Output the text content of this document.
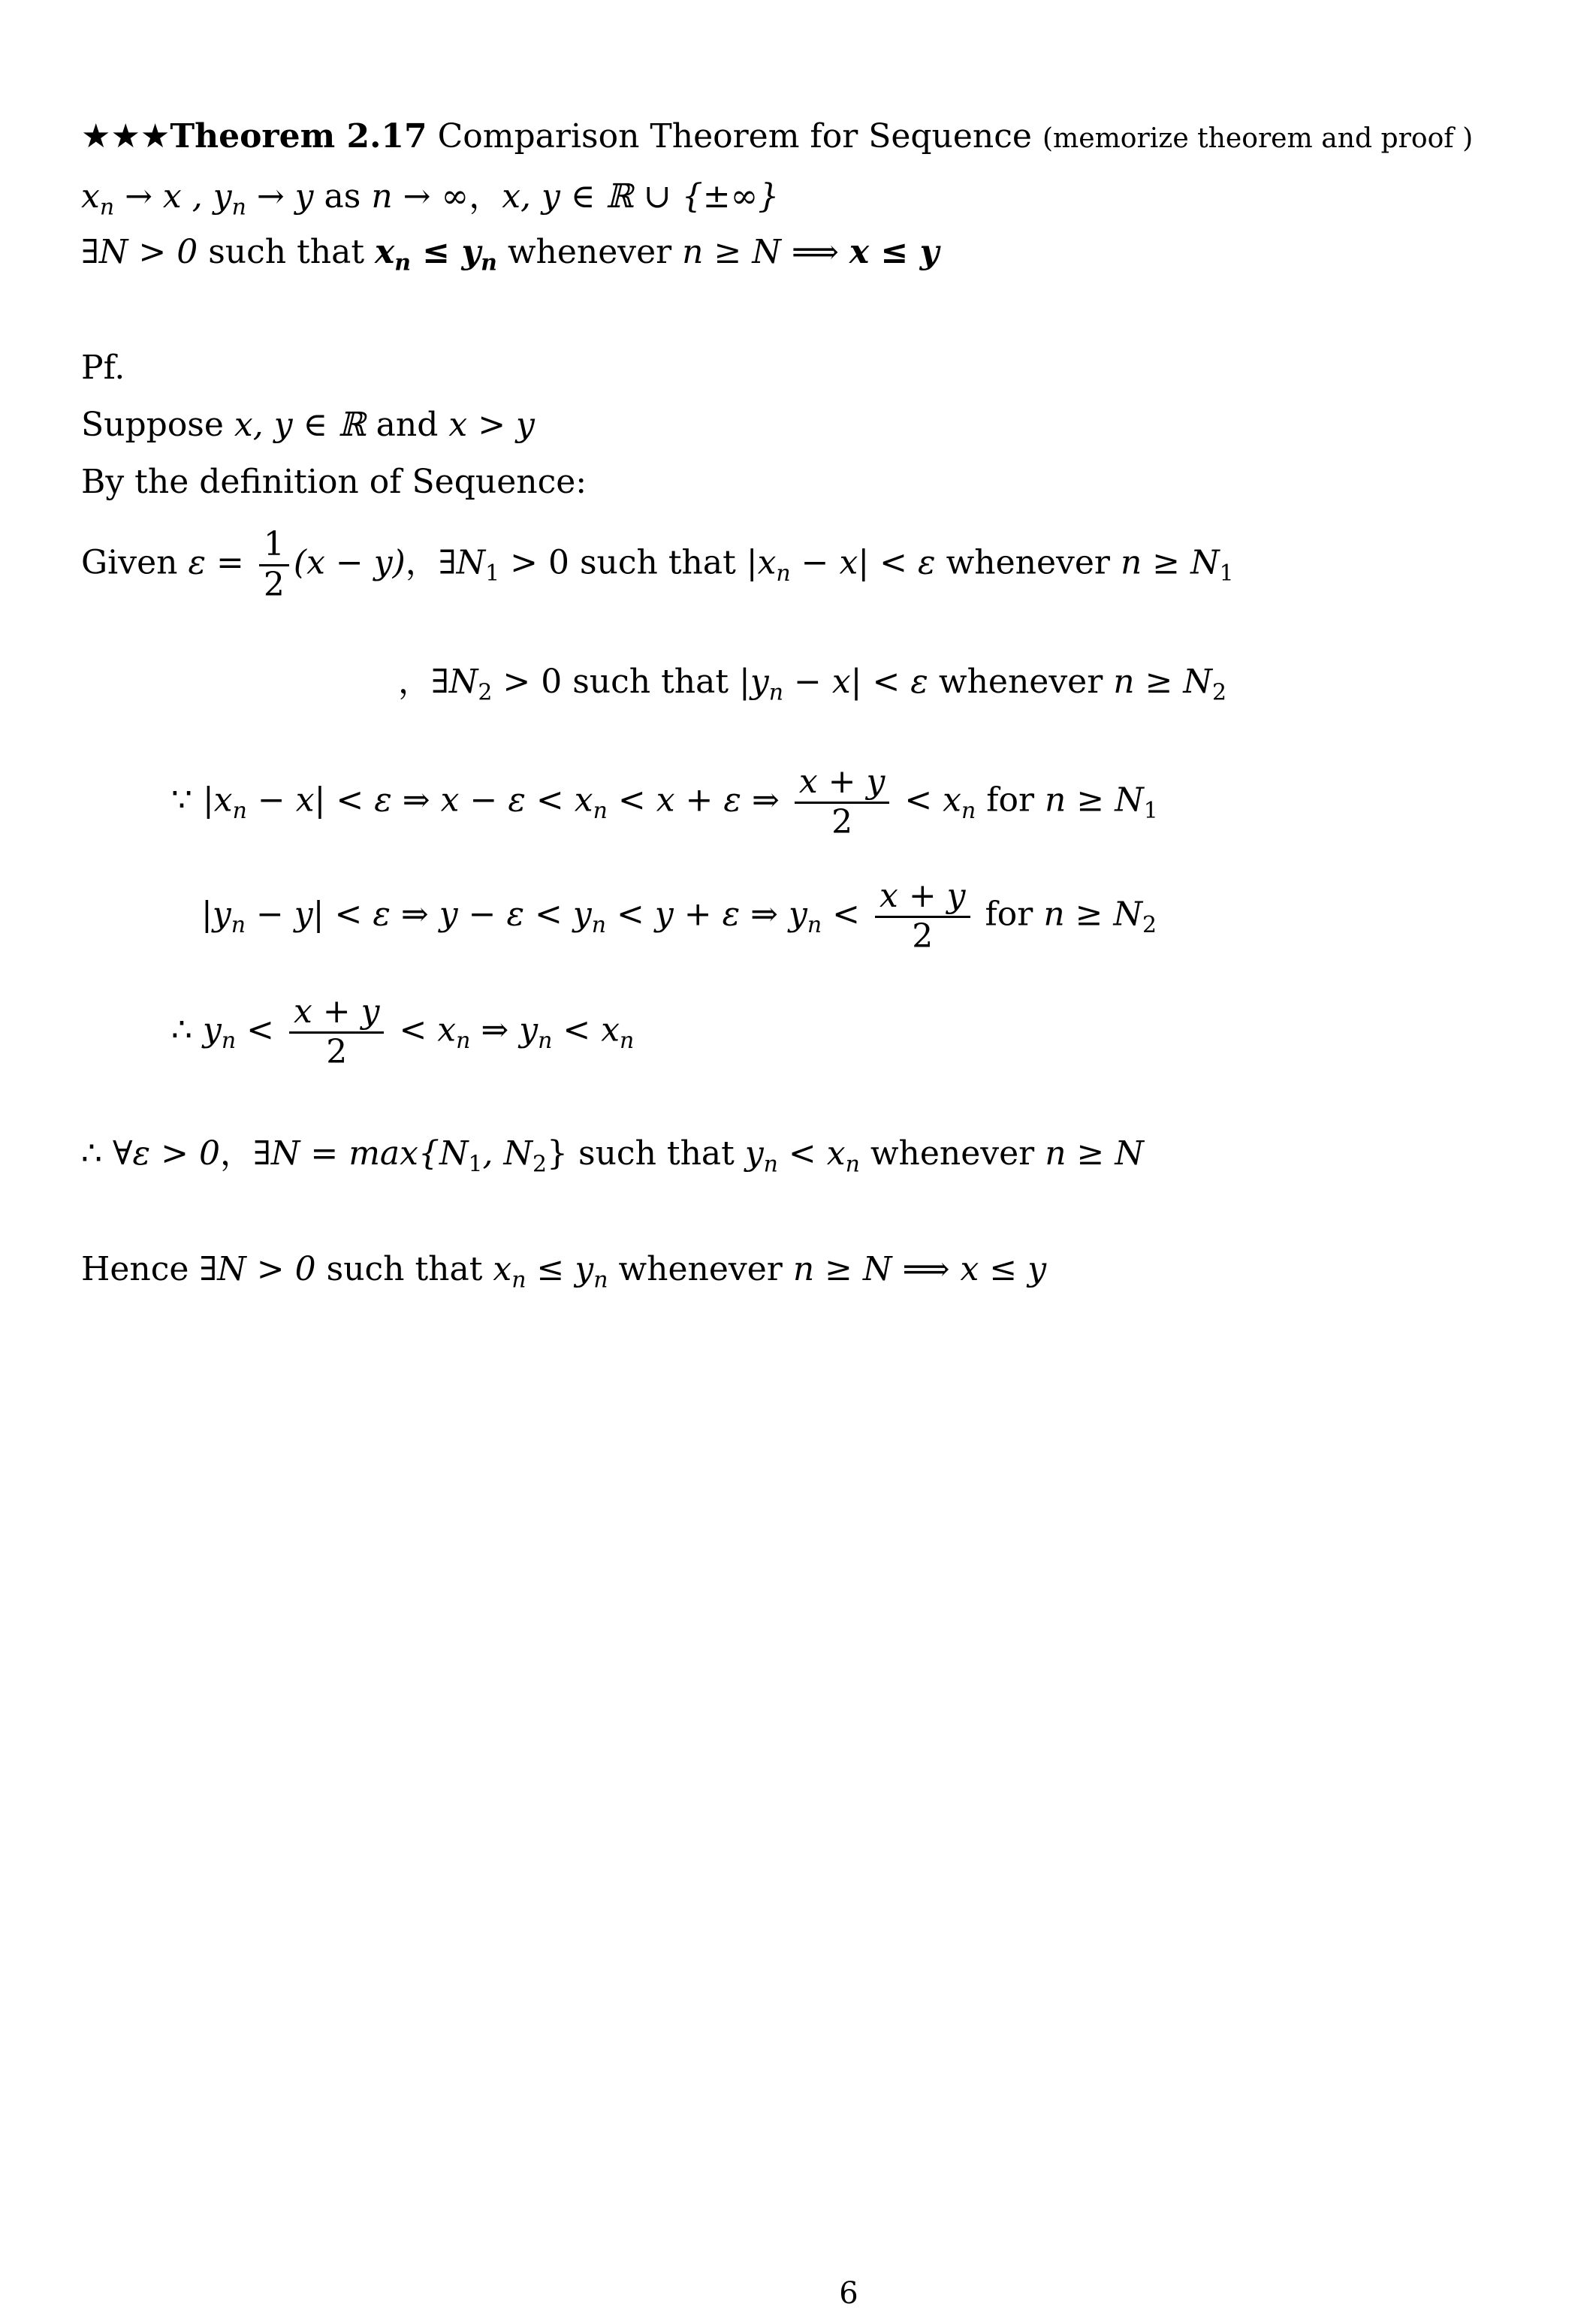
★★★Theorem 2.17 Comparison Theorem for Sequence (memorize theorem and proof )
$x_n \to x$ , $y_n \to y$ as n → ∞，x, y ∈ ℝ ∪ {±∞}
∃N > 0 such that $x_n \le y_n$ whenever n ≥ N ⟹ x ≤ y
Pf.
Suppose x, y ∈ ℝ and x > y
By the definition of Sequence:
Given $\varepsilon = \frac{1}{2} (x - y)$，$\exists N_1 > 0$ such that $|x_n - x| < \varepsilon$ whenever $n \ge N_1$
，$\exists N_2 > 0$ such that $|y_n - x| < \varepsilon$ whenever $n \ge N_2$
∵ $|x_n - x| < \varepsilon$ ⇒ $x - \varepsilon < x_n < x + \varepsilon$ ⇒ $\frac{x + y}{2} < x_n$ for $n \ge N_1$
$|y_n - y| < \varepsilon$ ⇒ $y - \varepsilon < y_n < y + \varepsilon$ ⇒ $y_n < \frac{x + y}{2}$ for $n \ge N_2$
∴ $y_n < \frac{x + y}{2} < x_n$ ⇒ $y_n < x_n$
∴ ∀ε > 0，∃N = $\max\{N_1$, $N_2$} such that $y_n < x_n$ whenever n ≥ N
Hence ∃N > 0 such that $x_n \le y_n$ whenever n ≥ N ⟹ x ≤ y
6
